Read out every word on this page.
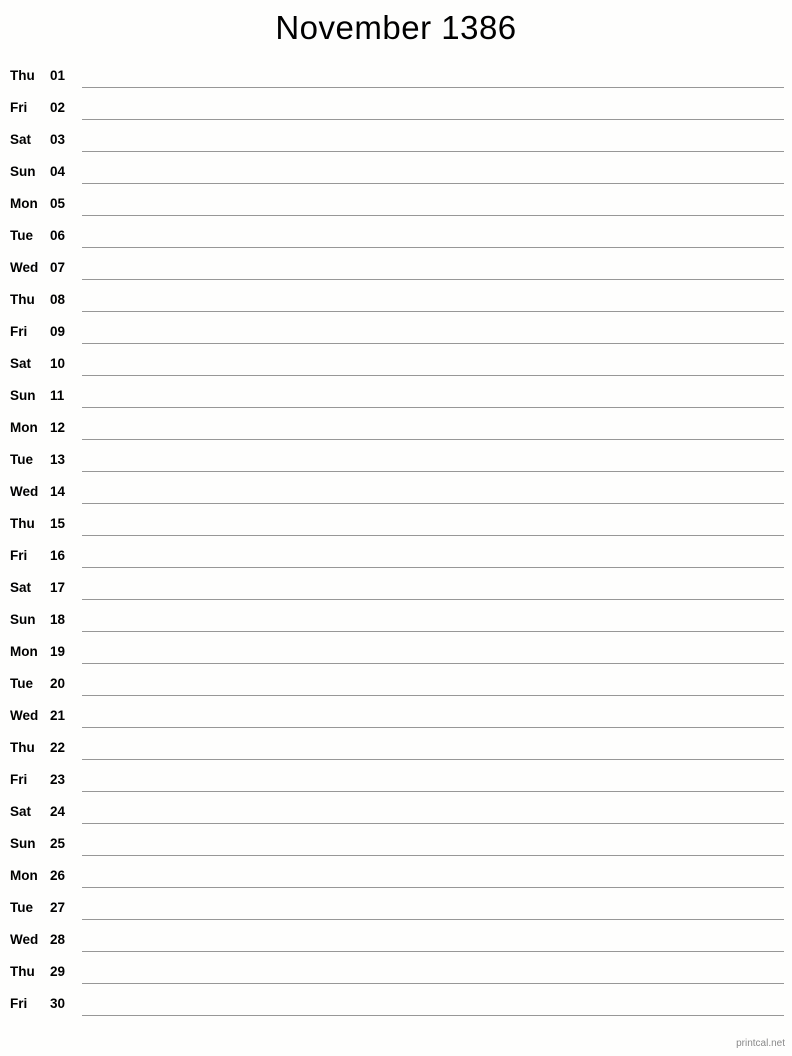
November 1386
Thu 01
Fri 02
Sat 03
Sun 04
Mon 05
Tue 06
Wed 07
Thu 08
Fri 09
Sat 10
Sun 11
Mon 12
Tue 13
Wed 14
Thu 15
Fri 16
Sat 17
Sun 18
Mon 19
Tue 20
Wed 21
Thu 22
Fri 23
Sat 24
Sun 25
Mon 26
Tue 27
Wed 28
Thu 29
Fri 30
printcal.net
